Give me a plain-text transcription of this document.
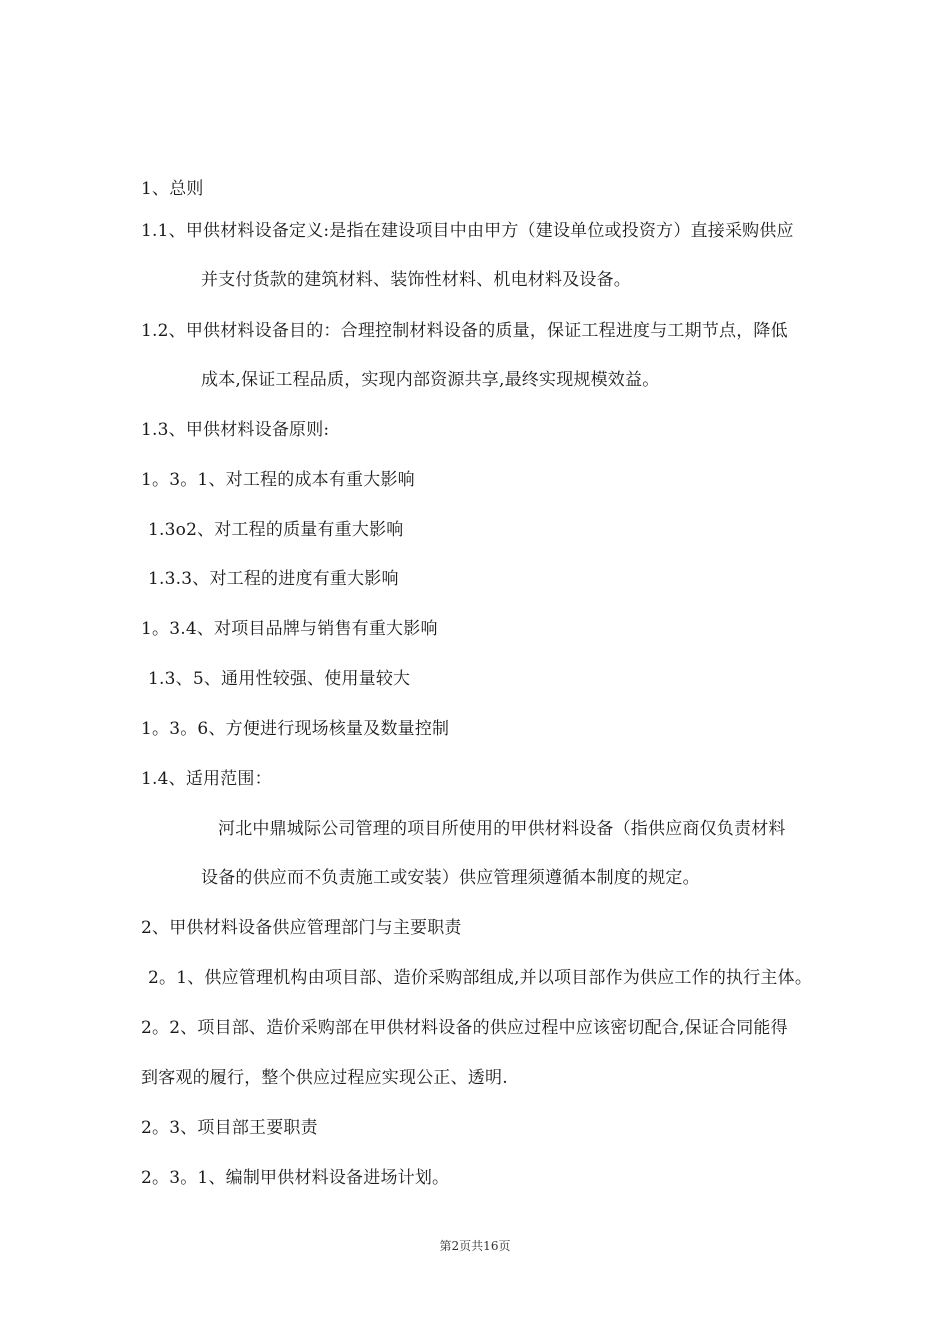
1、总则
1.1、甲供材料设备定义:是指在建设项目中由甲方（建设单位或投资方）直接采购供应
并支付货款的建筑材料、装饰性材料、机电材料及设备。
1.2、甲供材料设备目的：合理控制材料设备的质量，保证工程进度与工期节点，降低
成本,保证工程品质，实现内部资源共享,最终实现规模效益。
1.3、甲供材料设备原则:
1。3。1、对工程的成本有重大影响
1.3o2、对工程的质量有重大影响
1.3.3、对工程的进度有重大影响
1。3.4、对项目品牌与销售有重大影响
1.3、5、通用性较强、使用量较大
1。3。6、方便进行现场核量及数量控制
1.4、适用范围：
河北中鼎城际公司管理的项目所使用的甲供材料设备（指供应商仅负责材料
设备的供应而不负责施工或安装）供应管理须遵循本制度的规定。
2、甲供材料设备供应管理部门与主要职责
2。1、供应管理机构由项目部、造价采购部组成,并以项目部作为供应工作的执行主体。
2。2、项目部、造价采购部在甲供材料设备的供应过程中应该密切配合,保证合同能得
到客观的履行，整个供应过程应实现公正、透明.
2。3、项目部王要职责
2。3。1、编制甲供材料设备进场计划。
第2页共16页
